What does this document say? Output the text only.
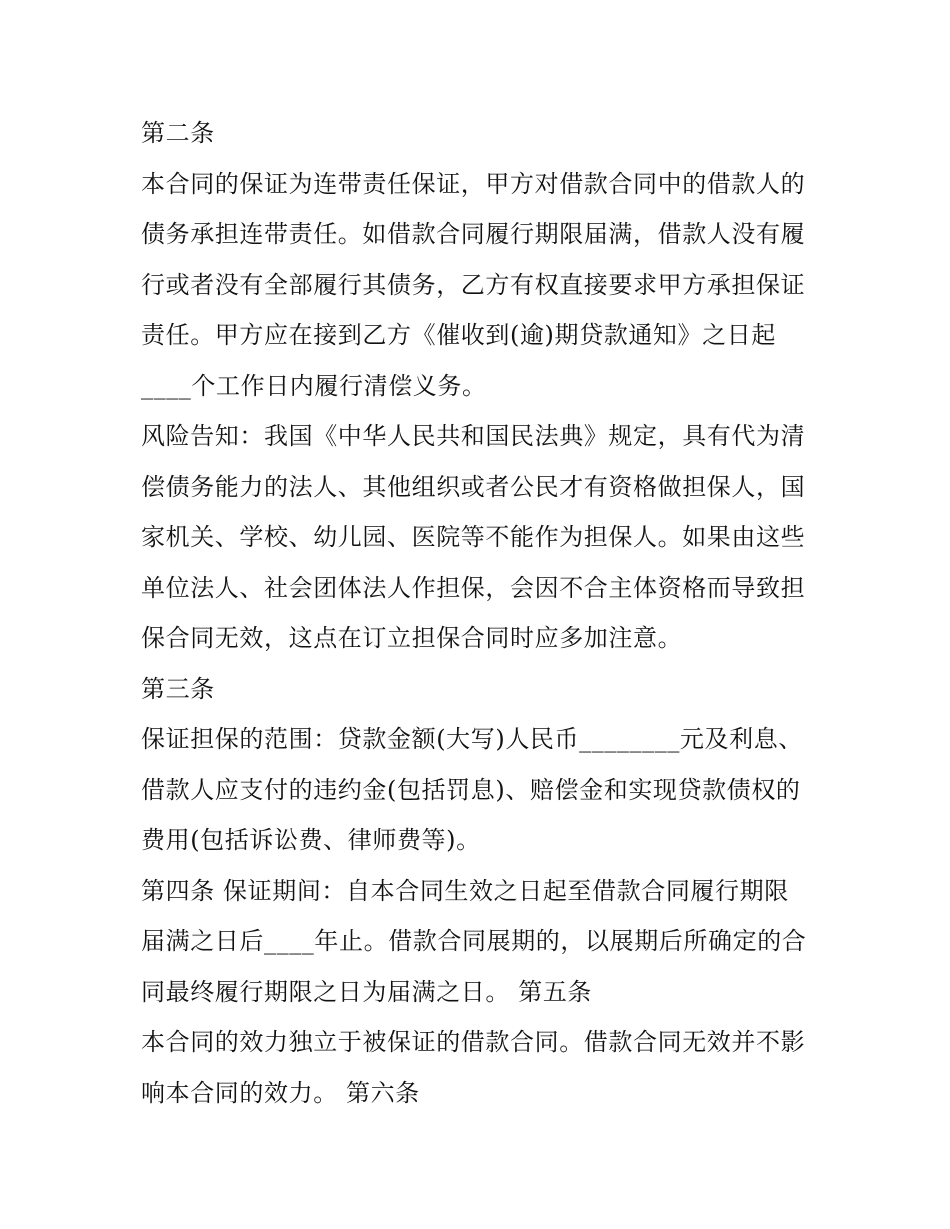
第二条
本合同的保证为连带责任保证，甲方对借款合同中的借款人的
债务承担连带责任。如借款合同履行期限届满，借款人没有履
行或者没有全部履行其债务，乙方有权直接要求甲方承担保证
责任。甲方应在接到乙方《催收到(逾)期贷款通知》之日起
____个工作日内履行清偿义务。
风险告知：我国《中华人民共和国民法典》规定，具有代为清
偿债务能力的法人、其他组织或者公民才有资格做担保人，国
家机关、学校、幼儿园、医院等不能作为担保人。如果由这些
单位法人、社会团体法人作担保，会因不合主体资格而导致担
保合同无效，这点在订立担保合同时应多加注意。
第三条
保证担保的范围：贷款金额(大写)人民币________元及利息、
借款人应支付的违约金(包括罚息)、赔偿金和实现贷款债权的
费用(包括诉讼费、律师费等)。
第四条 保证期间：自本合同生效之日起至借款合同履行期限
届满之日后____年止。借款合同展期的，以展期后所确定的合
同最终履行期限之日为届满之日。 第五条
本合同的效力独立于被保证的借款合同。借款合同无效并不影
响本合同的效力。 第六条
